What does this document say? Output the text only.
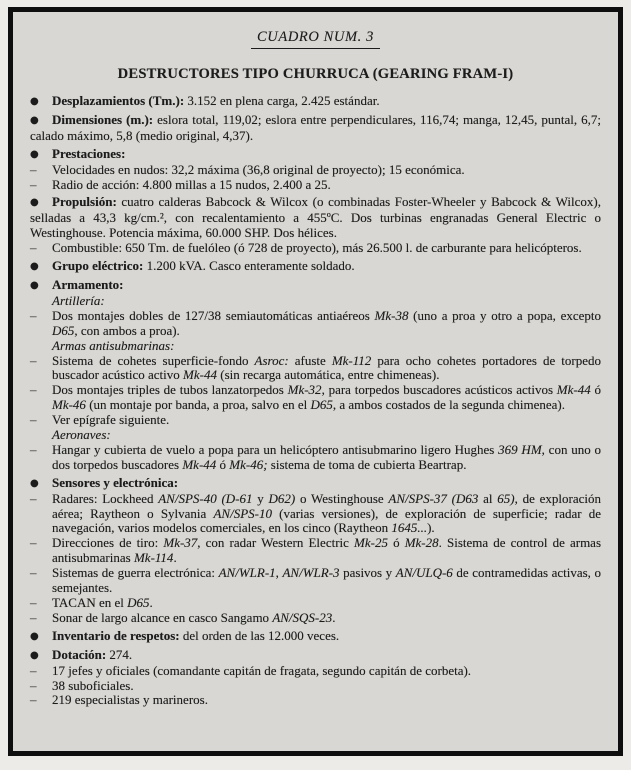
CUADRO NUM. 3
DESTRUCTORES TIPO CHURRUCA (GEARING FRAM-I)

● Desplazamientos (Tm.): 3.152 en plena carga, 2.425 estándar.

● Dimensiones (m.): eslora total, 119,02; eslora entre perpendiculares, 116,74; manga, 12,45, puntal, 6,7; calado máximo, 5,8 (medio original, 4,37).

● Prestaciones:

– Velocidades en nudos: 32,2 máxima (36,8 original de proyecto); 15 económica.

– Radio de acción: 4.800 millas a 15 nudos, 2.400 a 25.

● Propulsión: cuatro calderas Babcock & Wilcox (o combinadas Foster-Wheeler y Babcock & Wilcox), selladas a 43,3 kg/cm.², con recalentamiento a 455ºC. Dos turbinas engranadas General Electric o Westinghouse. Potencia máxima, 60.000 SHP. Dos hélices.

– Combustible: 650 Tm. de fuelóleo (ó 728 de proyecto), más 26.500 l. de carburante para helicópteros.

● Grupo eléctrico: 1.200 kVA. Casco enteramente soldado.

● Armamento:

Artillería:

– Dos montajes dobles de 127/38 semiautomáticas antiaéreos Mk-38 (uno a proa y otro a popa, excepto D65, con ambos a proa).

Armas antisubmarinas:

– Sistema de cohetes superficie-fondo Asroc: afuste Mk-112 para ocho cohetes portadores de torpedo buscador acústico activo Mk-44 (sin recarga automática, entre chimeneas).

– Dos montajes triples de tubos lanzatorpedos Mk-32, para torpedos buscadores acústicos activos Mk-44 ó Mk-46 (un montaje por banda, a proa, salvo en el D65, a ambos costados de la segunda chimenea).

– Ver epígrafe siguiente.

Aeronaves:

– Hangar y cubierta de vuelo a popa para un helicóptero antisubmarino ligero Hughes 369 HM, con uno o dos torpedos buscadores Mk-44 ó Mk-46; sistema de toma de cubierta Beartrap.

● Sensores y electrónica:

– Radares: Lockheed AN/SPS-40 (D-61 y D62) o Westinghouse AN/SPS-37 (D63 al 65), de exploración aérea; Raytheon o Sylvania AN/SPS-10 (varias versiones), de exploración de superficie; radar de navegación, varios modelos comerciales, en los cinco (Raytheon 1645...).

– Direcciones de tiro: Mk-37, con radar Western Electric Mk-25 ó Mk-28. Sistema de control de armas antisubmarinas Mk-114.

– Sistemas de guerra electrónica: AN/WLR-1, AN/WLR-3 pasivos y AN/ULQ-6 de contramedidas activas, o semejantes.

– TACAN en el D65.

– Sonar de largo alcance en casco Sangamo AN/SQS-23.

● Inventario de respetos: del orden de las 12.000 veces.

● Dotación: 274.

– 17 jefes y oficiales (comandante capitán de fragata, segundo capitán de corbeta).

– 38 suboficiales.

– 219 especialistas y marineros.
